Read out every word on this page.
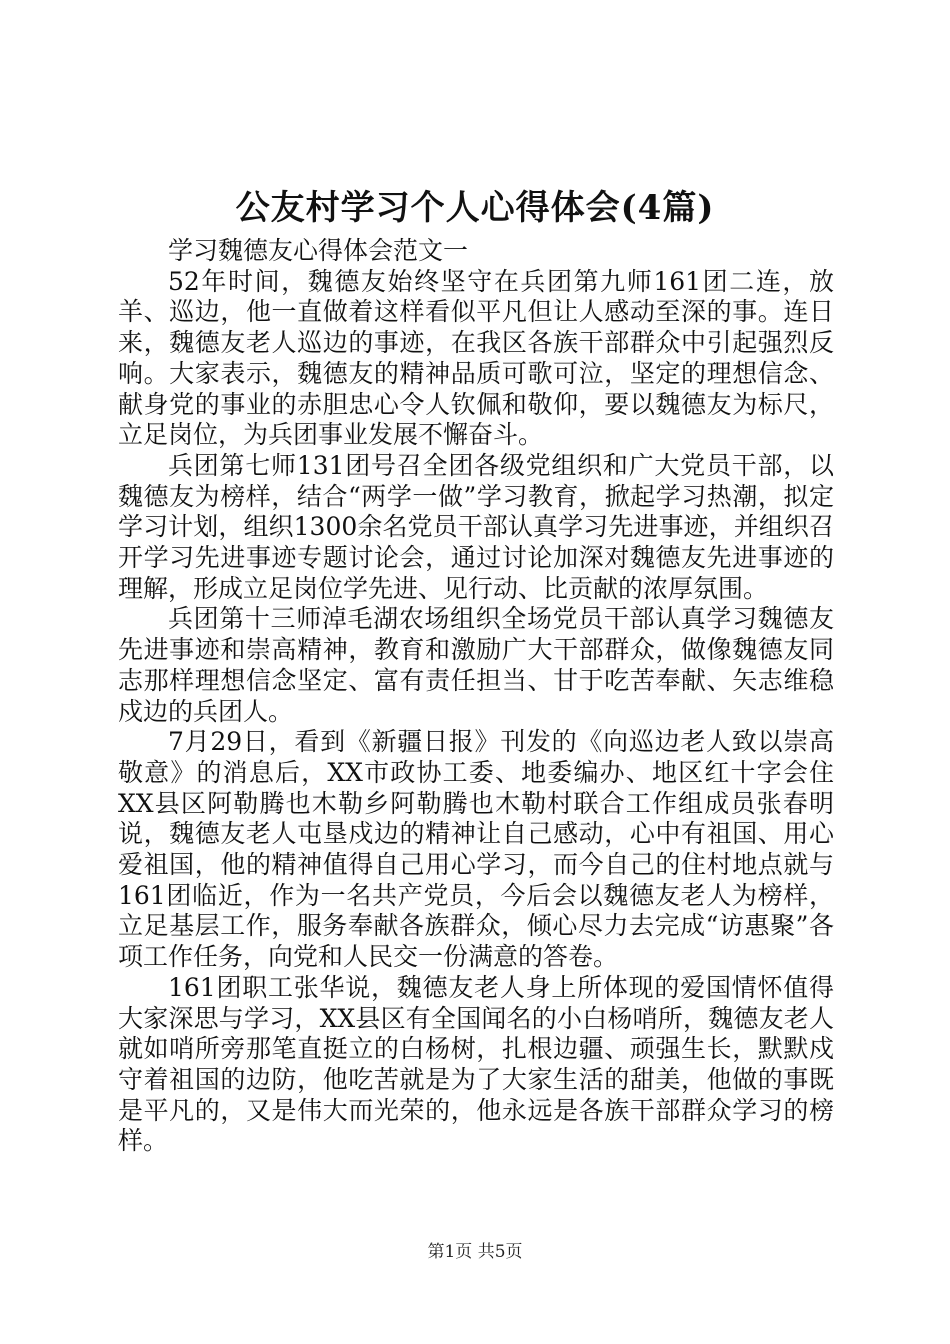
公友村学习个人心得体会(4篇)

学习魏德友心得体会范文一

52年时间，魏德友始终坚守在兵团第九师161团二连，放羊、巡边，他一直做着这样看似平凡但让人感动至深的事。连日来，魏德友老人巡边的事迹，在我区各族干部群众中引起强烈反响。大家表示，魏德友的精神品质可歌可泣，坚定的理想信念、献身党的事业的赤胆忠心令人钦佩和敬仰，要以魏德友为标尺，立足岗位，为兵团事业发展不懈奋斗。

兵团第七师131团号召全团各级党组织和广大党员干部，以魏德友为榜样，结合“两学一做”学习教育，掀起学习热潮，拟定学习计划，组织1300余名党员干部认真学习先进事迹，并组织召开学习先进事迹专题讨论会，通过讨论加深对魏德友先进事迹的理解，形成立足岗位学先进、见行动、比贡献的浓厚氛围。

兵团第十三师淖毛湖农场组织全场党员干部认真学习魏德友先进事迹和崇高精神，教育和激励广大干部群众，做像魏德友同志那样理想信念坚定、富有责任担当、甘于吃苦奉献、矢志维稳戍边的兵团人。

7月29日，看到《新疆日报》刊发的《向巡边老人致以崇高敬意》的消息后，XX市政协工委、地委编办、地区红十字会住XX县区阿勒腾也木勒乡阿勒腾也木勒村联合工作组成员张春明说，魏德友老人屯垦戍边的精神让自己感动，心中有祖国、用心爱祖国，他的精神值得自己用心学习，而今自己的住村地点就与161团临近，作为一名共产党员，今后会以魏德友老人为榜样，立足基层工作，服务奉献各族群众，倾心尽力去完成“访惠聚”各项工作任务，向党和人民交一份满意的答卷。

161团职工张华说，魏德友老人身上所体现的爱国情怀值得大家深思与学习，XX县区有全国闻名的小白杨哨所，魏德友老人就如哨所旁那笔直挺立的白杨树，扎根边疆、顽强生长，默默戍守着祖国的边防，他吃苦就是为了大家生活的甜美，他做的事既是平凡的，又是伟大而光荣的，他永远是各族干部群众学习的榜样。

第1页 共5页
